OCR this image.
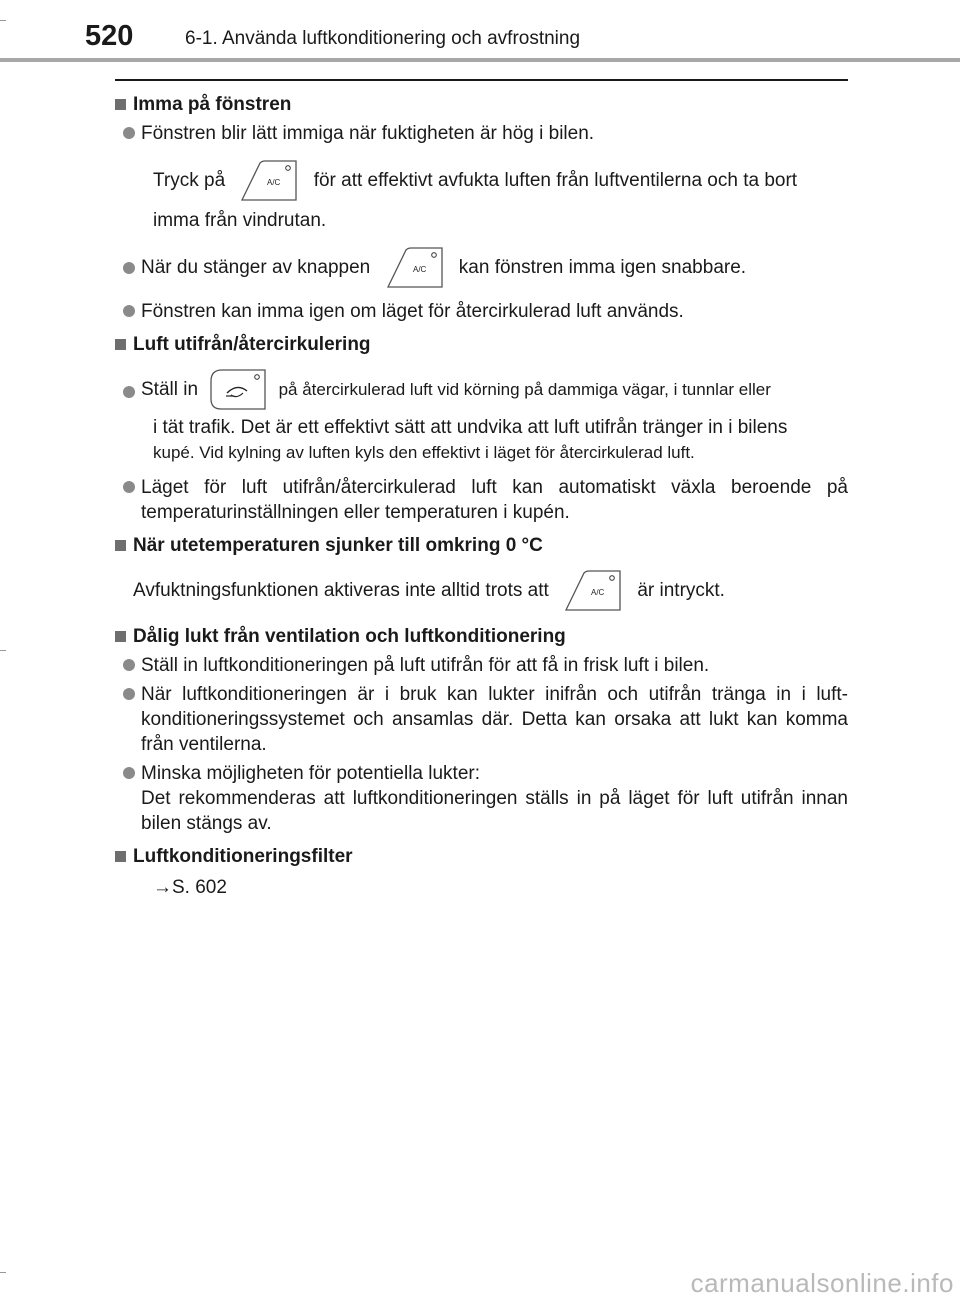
520	6-1. Använda luftkonditionering och avfrostning
Imma på fönstren
Fönstren blir lätt immiga när fuktigheten är hög i bilen.
Tryck på	A/C för att effektivt avfukta luften från luftventilerna och ta bort
imma från vindrutan.
När du stänger av knappen	A/C kan fönstren imma igen snabbare.
Fönstren kan imma igen om läget för återcirkulerad luft används.
Luft utifrån/återcirkulering
Ställ in	på återcirkulerad luft vid körning på dammiga vägar, i tunnlar eller
i tät trafik. Det är ett effektivt sätt att undvika att luft utifrån tränger in i bilens
kupé. Vid kylning av luften kyls den effektivt i läget för återcirkulerad luft.
Läget för luft utifrån/återcirkulerad luft kan automatiskt växla beroende på temperaturinställningen eller temperaturen i kupén.
När utetemperaturen sjunker till omkring 0 °C
Avfuktningsfunktionen aktiveras inte alltid trots att	A/C är intryckt.
Dålig lukt från ventilation och luftkonditionering
Ställ in luftkonditioneringen på luft utifrån för att få in frisk luft i bilen.
När luftkonditioneringen är i bruk kan lukter inifrån och utifrån tränga in i luft-konditioneringssystemet och ansamlas där. Detta kan orsaka att lukt kan komma från ventilerna.
Minska möjligheten för potentiella lukter:
Det rekommenderas att luftkonditioneringen ställs in på läget för luft utifrån innan bilen stängs av.
Luftkonditioneringsfilter
→S. 602
carmanualsonline.info
